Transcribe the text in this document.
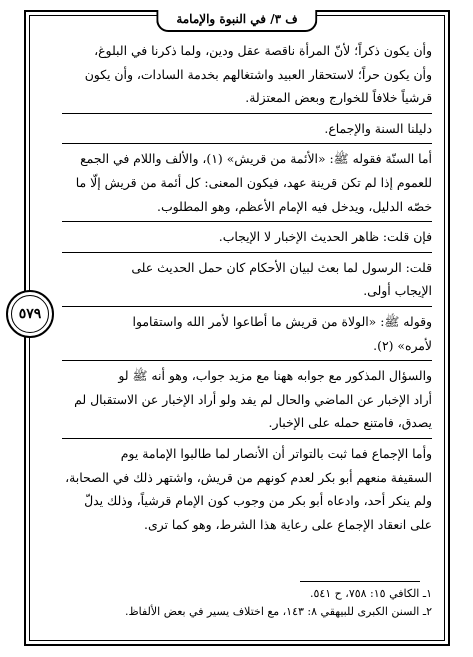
ف ٣/ في النبوة والإمامة
٥٧٩

وأن يكون ذكراً؛ لأنّ المرأة ناقصة عقل ودين، ولما ذكرنا في البلوغ،

وأن يكون حراً؛ لاستحقار العبيد واشتغالهم بخدمة السادات، وأن يكون

قرشياً خلافاً للخوارج وبعض المعتزلة.

دليلنا السنة والإجماع.

أما السنّة فقوله ﷺ: «الأئمة من قريش» (١)، والألف واللام في الجمع

للعموم إذا لم تكن قرينة عهد، فيكون المعنى: كل أئمة من قريش إلّا ما

خصّه الدليل، ويدخل فيه الإمام الأعظم، وهو المطلوب.

فإن قلت: ظاهر الحديث الإخبار لا الإيجاب.

قلت: الرسول لما بعث لبيان الأحكام كان حمل الحديث على

الإيجاب أولى.

وقوله ﷺ: «الولاة من قريش ما أطاعوا لأمر الله واستقاموا

لأمره» (٢).

والسؤال المذكور مع جوابه ههنا مع مزيد جواب، وهو أنه ﷺ لو

أراد الإخبار عن الماضي والحال لم يفد ولو أراد الإخبار عن الاستقبال لم

يصدق، فامتنع حمله على الإخبار.

وأما الإجماع فما ثبت بالتواتر أن الأنصار لما طالبوا الإمامة يوم

السقيفة منعهم أبو بكر لعدم كونهم من قريش، واشتهر ذلك في الصحابة،

ولم ينكر أحد، وادعاه أبو بكر من وجوب كون الإمام قرشياً، وذلك يدلّ

على انعقاد الإجماع على رعاية هذا الشرط، وهو كما ترى.

١ـ الكافي ١٥: ٧٥٨، ح ٥٤١.

٢ـ السنن الكبرى للبيهقي ٨: ١٤٣، مع اختلاف يسير في بعض الألفاظ.
